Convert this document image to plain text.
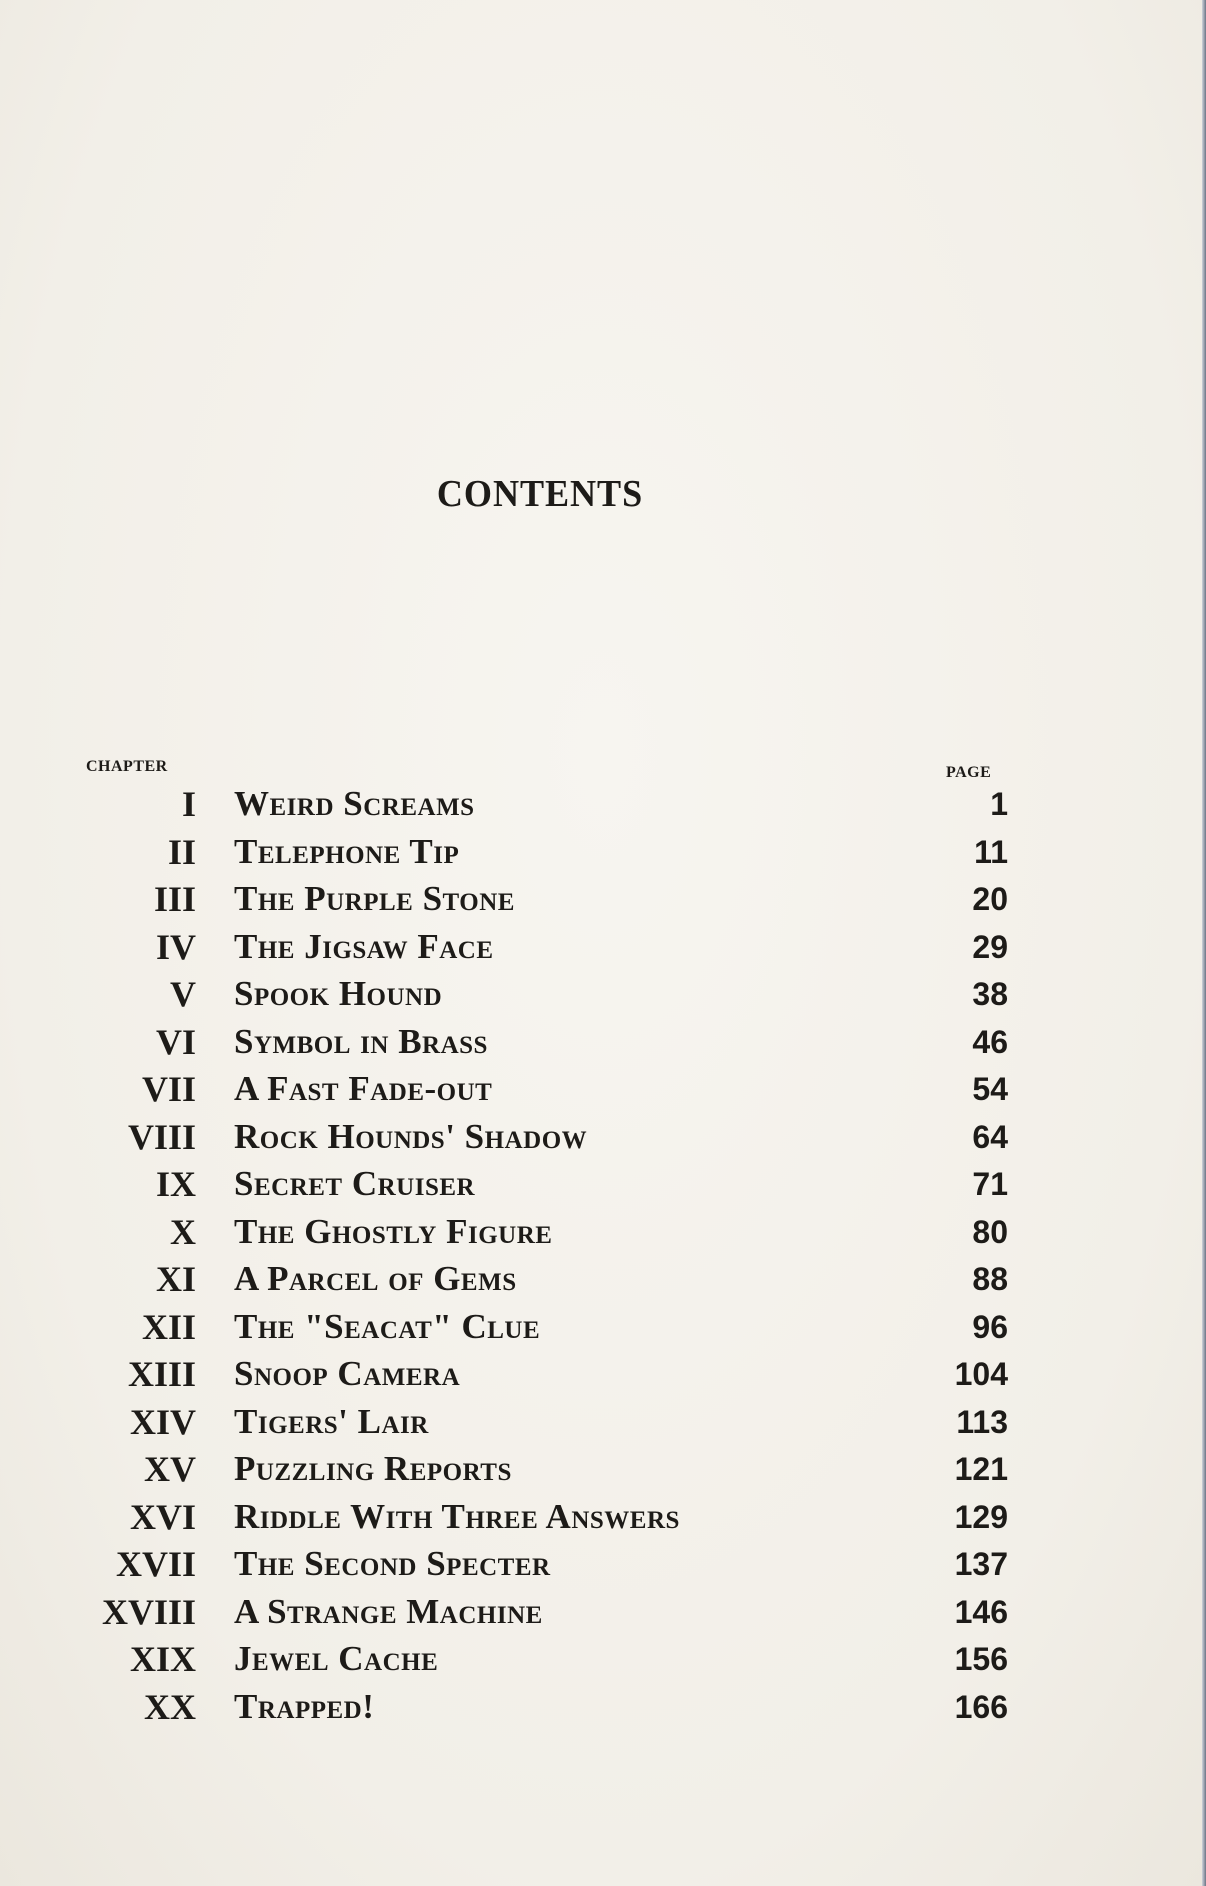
CONTENTS
CHAPTER	PAGE
I Weird Screams	1
II Telephone Tip	11
III The Purple Stone	20
IV The Jigsaw Face	29
V Spook Hound	38
VI Symbol in Brass	46
VII A Fast Fade-out	54
VIII Rock Hounds' Shadow	64
IX Secret Cruiser	71
X The Ghostly Figure	80
XI A Parcel of Gems	88
XII The "Seacat" Clue	96
XIII Snoop Camera	104
XIV Tigers' Lair	113
XV Puzzling Reports	121
XVI Riddle With Three Answers	129
XVII The Second Specter	137
XVIII A Strange Machine	146
XIX Jewel Cache	156
XX Trapped!	166
